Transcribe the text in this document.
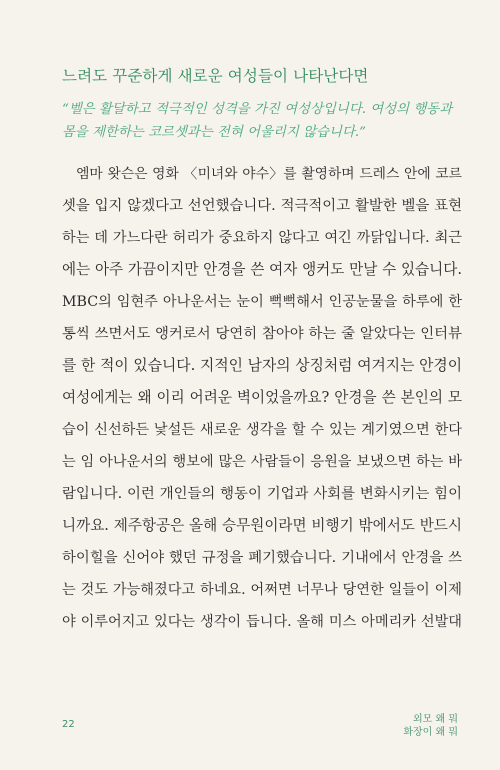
느려도 꾸준하게 새로운 여성들이 나타난다면
“벨은 활달하고 적극적인 성격을 가진 여성상입니다. 여성의 행동과
몸을 제한하는 코르셋과는 전혀 어울리지 않습니다.”
　엠마 왓슨은 영화 〈미녀와 야수〉를 촬영하며 드레스 안에 코르
셋을 입지 않겠다고 선언했습니다. 적극적이고 활발한 벨을 표현
하는 데 가느다란 허리가 중요하지 않다고 여긴 까닭입니다. 최근
에는 아주 가끔이지만 안경을 쓴 여자 앵커도 만날 수 있습니다.
MBC의 임현주 아나운서는 눈이 뻑뻑해서 인공눈물을 하루에 한
통씩 쓰면서도 앵커로서 당연히 참아야 하는 줄 알았다는 인터뷰
를 한 적이 있습니다. 지적인 남자의 상징처럼 여겨지는 안경이
여성에게는 왜 이리 어려운 벽이었을까요? 안경을 쓴 본인의 모
습이 신선하든 낯설든 새로운 생각을 할 수 있는 계기였으면 한다
는 임 아나운서의 행보에 많은 사람들이 응원을 보냈으면 하는 바
람입니다. 이런 개인들의 행동이 기업과 사회를 변화시키는 힘이
니까요. 제주항공은 올해 승무원이라면 비행기 밖에서도 반드시
하이힐을 신어야 했던 규정을 폐기했습니다. 기내에서 안경을 쓰
는 것도 가능해졌다고 하네요. 어쩌면 너무나 당연한 일들이 이제
야 이루어지고 있다는 생각이 듭니다. 올해 미스 아메리카 선발대
22	외모 왜 뭐
화장이 왜 뭐
